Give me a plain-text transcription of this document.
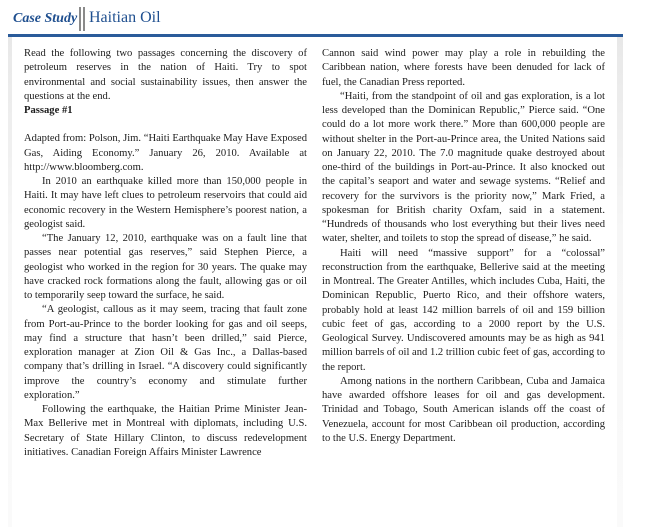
Case Study Haitian Oil

Read the following two passages concerning the discovery of petroleum reserves in the nation of Haiti. Try to spot environmental and social sustainability issues, then answer the questions at the end.

Passage #1

Adapted from: Polson, Jim. “Haiti Earthquake May Have Exposed Gas, Aiding Economy.” January 26, 2010. Available at http://www.bloomberg.com.

In 2010 an earthquake killed more than 150,000 people in Haiti. It may have left clues to petroleum reservoirs that could aid economic recovery in the Western Hemisphere’s poorest nation, a geologist said.

“The January 12, 2010, earthquake was on a fault line that passes near potential gas reserves,” said Stephen Pierce, a geologist who worked in the region for 30 years. The quake may have cracked rock formations along the fault, allowing gas or oil to temporarily seep toward the surface, he said.

“A geologist, callous as it may seem, tracing that fault zone from Port-au-Prince to the border looking for gas and oil seeps, may find a structure that hasn’t been drilled,” said Pierce, exploration manager at Zion Oil & Gas Inc., a Dallas-based company that’s drilling in Israel. “A discovery could significantly improve the country’s economy and stimulate further exploration.”

Following the earthquake, the Haitian Prime Minister Jean-Max Bellerive met in Montreal with diplomats, including U.S. Secretary of State Hillary Clinton, to discuss redevelopment initiatives. Canadian Foreign Affairs Minister Lawrence

Cannon said wind power may play a role in rebuilding the Caribbean nation, where forests have been denuded for lack of fuel, the Canadian Press reported.

“Haiti, from the standpoint of oil and gas exploration, is a lot less developed than the Dominican Republic,” Pierce said. “One could do a lot more work there.” More than 600,000 people are without shelter in the Port-au-Prince area, the United Nations said on January 22, 2010. The 7.0 magnitude quake destroyed about one-third of the buildings in Port-au-Prince. It also knocked out the capital’s seaport and water and sewage systems. “Relief and recovery for the survivors is the priority now,” Mark Fried, a spokesman for British charity Oxfam, said in a statement. “Hundreds of thousands who lost everything but their lives need water, shelter, and toilets to stop the spread of disease,” he said.

Haiti will need “massive support” for a “colossal” reconstruction from the earthquake, Bellerive said at the meeting in Montreal. The Greater Antilles, which includes Cuba, Haiti, the Dominican Republic, Puerto Rico, and their offshore waters, probably hold at least 142 million barrels of oil and 159 billion cubic feet of gas, according to a 2000 report by the U.S. Geological Survey. Undiscovered amounts may be as high as 941 million barrels of oil and 1.2 trillion cubic feet of gas, according to the report.

Among nations in the northern Caribbean, Cuba and Jamaica have awarded offshore leases for oil and gas development. Trinidad and Tobago, South American islands off the coast of Venezuela, account for most Caribbean oil production, according to the U.S. Energy Department.
